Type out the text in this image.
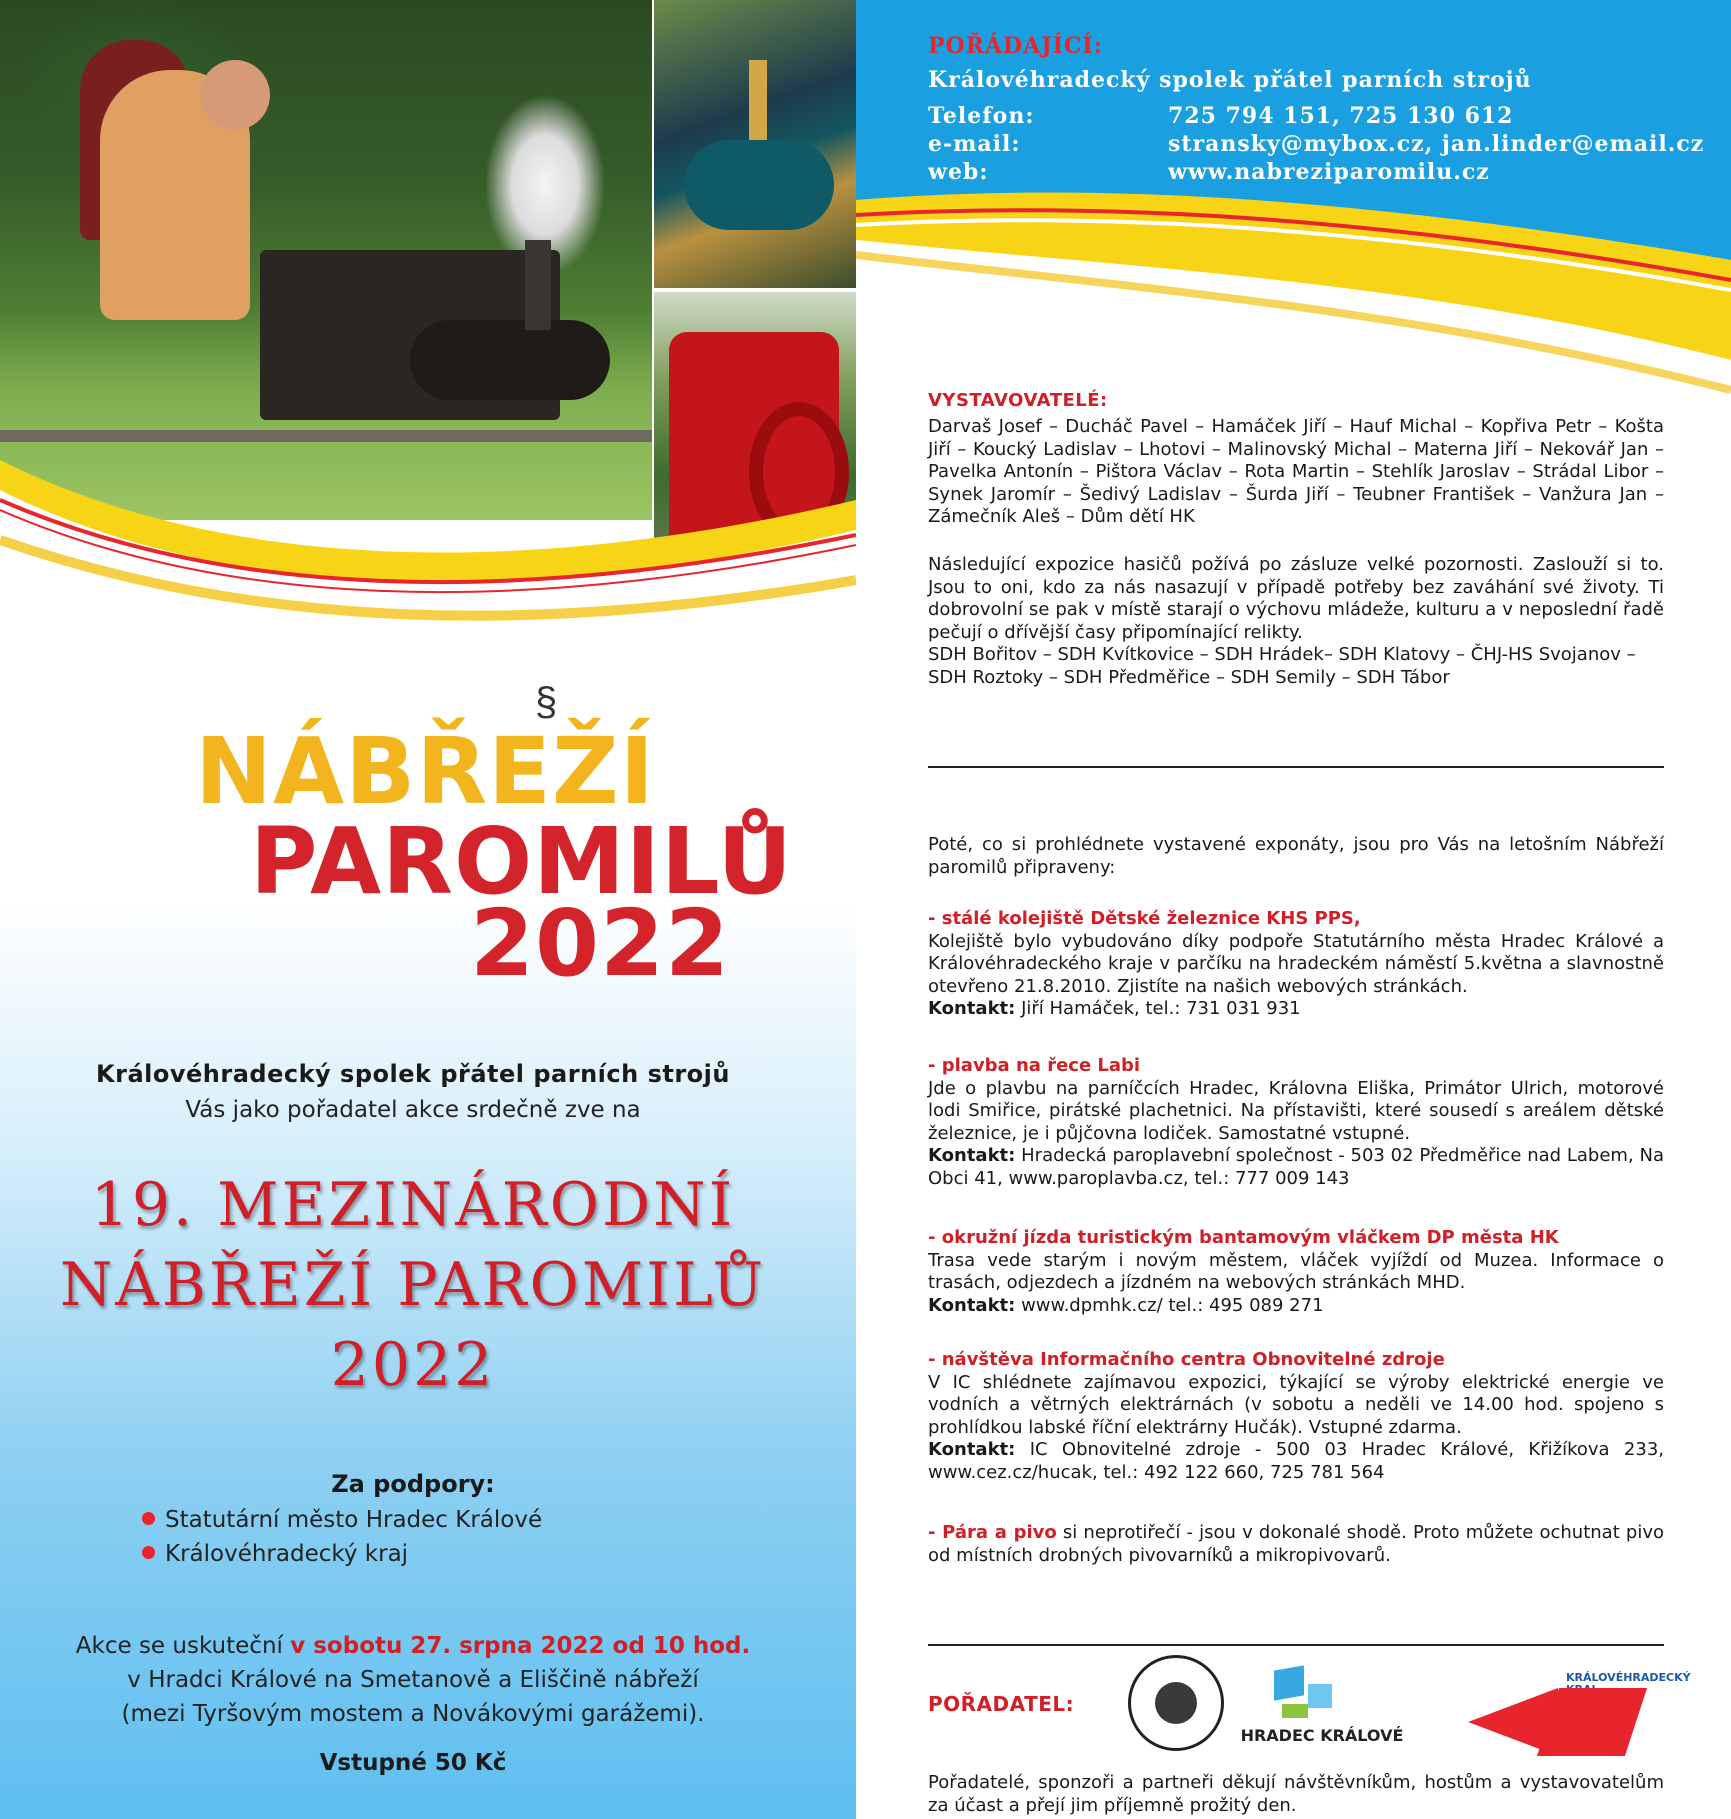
§
NÁBŘEŽÍ
PAROMILŮ
2022
Královéhradecký spolek přátel parních strojů
Vás jako pořadatel akce srdečně zve na
19. MEZINÁRODNÍ
NÁBŘEŽÍ PAROMILŮ
2022
Za podpory:
Statutární město Hradec Králové
Královéhradecký kraj
Akce se uskuteční v sobotu 27. srpna 2022 od 10 hod.
v Hradci Králové na Smetanově a Eliščině nábřeží
(mezi Tyršovým mostem a Novákovými garážemi).
Vstupné 50 Kč
POŘÁDAJÍCÍ:
Královéhradecký spolek přátel parních strojů
Telefon:	725 794 151, 725 130 612
e-mail:	stransky@mybox.cz, jan.linder@email.cz
web:	www.nabreziparomilu.cz
VYSTAVOVATELÉ:
Darvaš Josef – Ducháč Pavel – Hamáček Jiří – Hauf Michal – Kopřiva Petr – Košta Jiří – Koucký Ladislav – Lhotovi – Malinovský Michal – Materna Jiří – Nekovář Jan – Pavelka Antonín – Pištora Václav – Rota Martin – Stehlík Jaroslav – Strádal Libor – Synek Jaromír – Šedivý Ladislav – Šurda Jiří – Teubner František – Vanžura Jan – Zámečník Aleš – Dům dětí HK
Následující expozice hasičů požívá po zásluze velké pozornosti. Zaslouží si to. Jsou to oni, kdo za nás nasazují v případě potřeby bez zaváhání své životy. Ti dobrovolní se pak v místě starají o výchovu mládeže, kulturu a v neposlední řadě pečují o dřívější časy připomínající relikty.
SDH Bořitov – SDH Kvítkovice – SDH Hrádek– SDH Klatovy – ČHJ-HS Svojanov – SDH Roztoky – SDH Předměřice – SDH Semily – SDH Tábor
Poté, co si prohlédnete vystavené exponáty, jsou pro Vás na letošním Nábřeží paromilů připraveny:
- stálé kolejiště Dětské železnice KHS PPS,
Kolejiště bylo vybudováno díky podpoře Statutárního města Hradec Králové a Královéhradeckého kraje v parčíku na hradeckém náměstí 5.května a slavnostně otevřeno 21.8.2010. Zjistíte na našich webových stránkách.
Kontakt: Jiří Hamáček, tel.: 731 031 931
- plavba na řece Labi
Jde o plavbu na parníčcích Hradec, Královna Eliška, Primátor Ulrich, motorové lodi Smiřice, pirátské plachetnici. Na přístavišti, které sousedí s areálem dětské železnice, je i půjčovna lodiček. Samostatné vstupné.
Kontakt: Hradecká paroplavební společnost - 503 02 Předměřice nad Labem, Na Obci 41, www.paroplavba.cz, tel.: 777 009 143
- okružní jízda turistickým bantamovým vláčkem DP města HK
Trasa vede starým i novým městem, vláček vyjíždí od Muzea. Informace o trasách, odjezdech a jízdném na webových stránkách MHD.
Kontakt: www.dpmhk.cz/ tel.: 495 089 271
- návštěva Informačního centra Obnovitelné zdroje
V IC shlédnete zajímavou expozici, týkající se výroby elektrické energie ve vodních a větrných elektrárnách (v sobotu a neděli ve 14.00 hod. spojeno s prohlídkou labské říční elektrárny Hučák). Vstupné zdarma.
Kontakt: IC Obnovitelné zdroje - 500 03 Hradec Králové, Křižíkova 233, www.cez.cz/hucak, tel.: 492 122 660, 725 781 564
- Pára a pivo si neprotiřečí - jsou v dokonalé shodě. Proto můžete ochutnat pivo od místních drobných pivovarníků a mikropivovarů.
POŘADATEL:
HRADEC KRÁLOVÉ
KRÁLOVÉHRADECKÝ
Pořadatelé, sponzoři a partneři děkují návštěvníkům, hostům a vystavovatelům za účast a přejí jim příjemně prožitý den.
